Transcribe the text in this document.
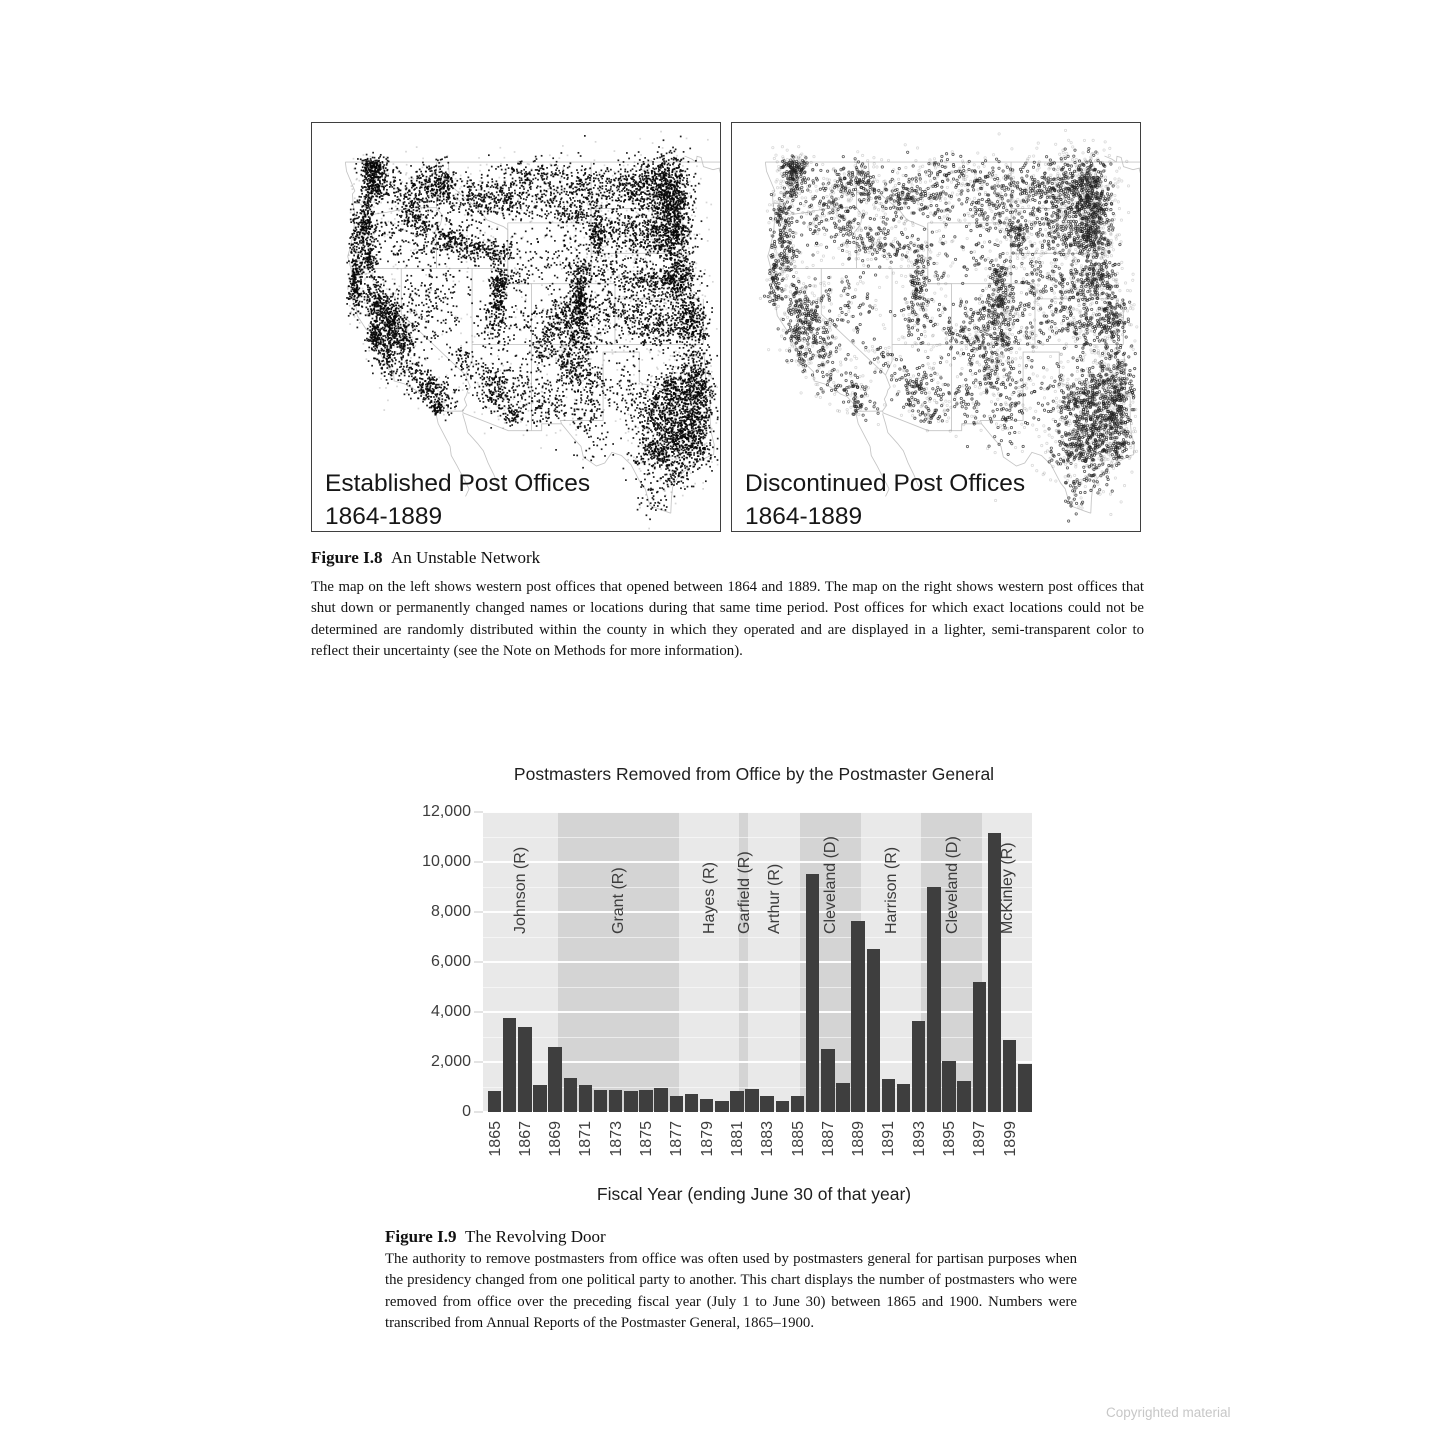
Established Post Offices
1864-1889
Discontinued Post Offices
1864-1889
Figure I.8 An Unstable Network
The map on the left shows western post offices that opened between 1864 and 1889. The map on the right shows western post offices that shut down or permanently changed names or locations during that same time period. Post offices for which exact locations could not be determined are randomly distributed within the county in which they operated and are displayed in a lighter, semi-transparent color to reflect their uncertainty (see the Note on Methods for more information).
Postmasters Removed from Office by the Postmaster General
0
2,000
4,000
6,000
8,000
10,000
12,000
1865 1867 1869 1871 1873 1875 1877 1879 1881 1883 1885 1887 1889 1891 1893 1895 1897 1899
Johnson (R)	Grant (R)	Hayes (R) Garfield (R) Arthur (R) Cleveland (D)	Harrison (R)	Cleveland (D) McKinley (R)
Fiscal Year (ending June 30 of that year)
Figure I.9 The Revolving Door
The authority to remove postmasters from office was often used by postmasters general for partisan purposes when the presidency changed from one political party to another. This chart displays the number of postmasters who were removed from office over the preceding fiscal year (July 1 to June 30) between 1865 and 1900. Numbers were transcribed from Annual Reports of the Postmaster General, 1865–1900.
Copyrighted material
